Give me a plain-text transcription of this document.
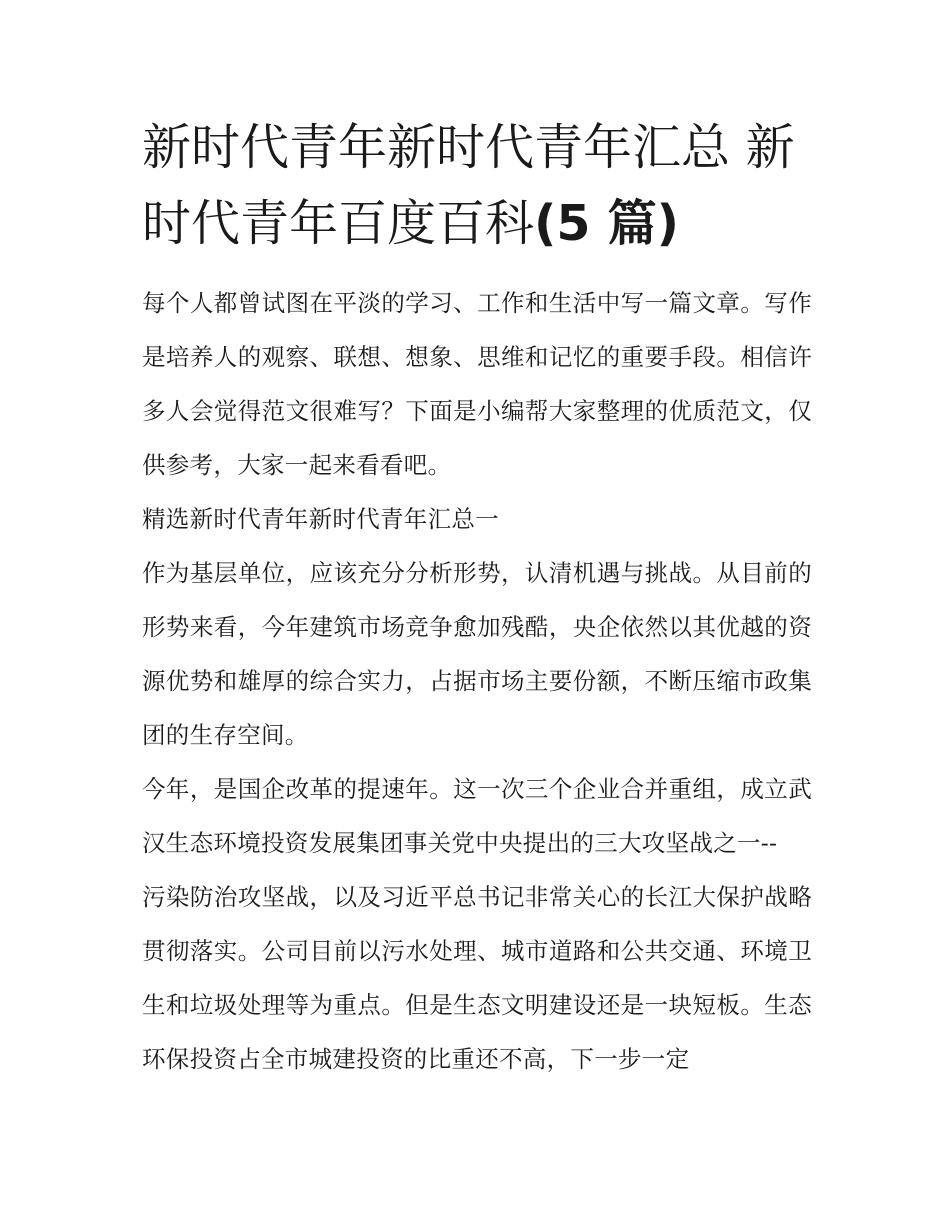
新时代青年新时代青年汇总 新时代青年百度百科(5 篇)

每个人都曾试图在平淡的学习、工作和生活中写一篇文章。写作是培养人的观察、联想、想象、思维和记忆的重要手段。相信许多人会觉得范文很难写？下面是小编帮大家整理的优质范文，仅供参考，大家一起来看看吧。

精选新时代青年新时代青年汇总一

作为基层单位，应该充分分析形势，认清机遇与挑战。从目前的形势来看，今年建筑市场竞争愈加残酷，央企依然以其优越的资源优势和雄厚的综合实力，占据市场主要份额，不断压缩市政集团的生存空间。

今年，是国企改革的提速年。这一次三个企业合并重组，成立武汉生态环境投资发展集团事关党中央提出的三大攻坚战之一--

污染防治攻坚战，以及习近平总书记非常关心的长江大保护战略贯彻落实。公司目前以污水处理、城市道路和公共交通、环境卫生和垃圾处理等为重点。但是生态文明建设还是一块短板。生态环保投资占全市城建投资的比重还不高，下一步一定
